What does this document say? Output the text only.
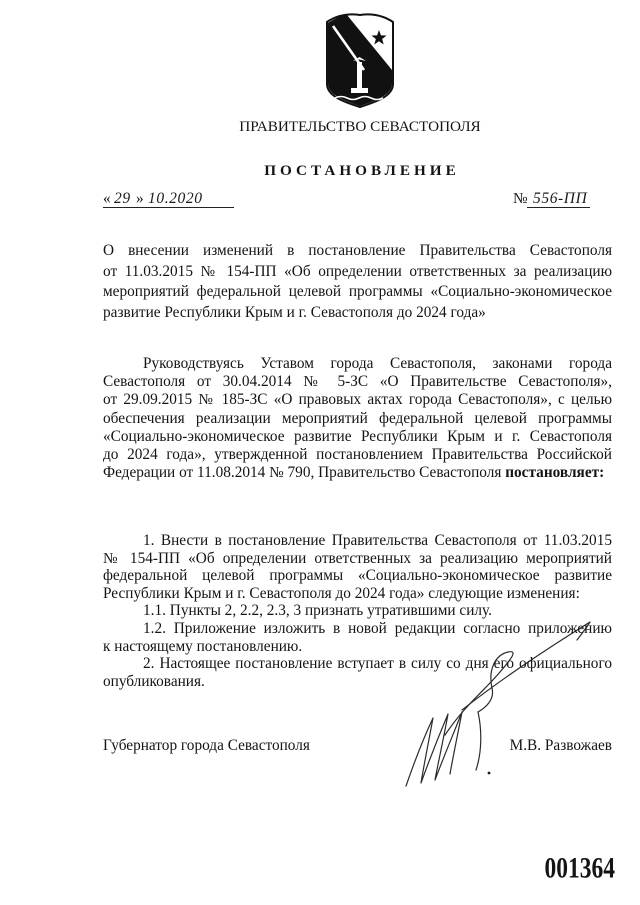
ПРАВИТЕЛЬСТВО СЕВАСТОПОЛЯ
ПОСТАНОВЛЕНИЕ
« 29 » 10.2020	№ 556-ПП
О внесении изменений в постановление Правительства Севастополя
от 11.03.2015 № 154-ПП «Об определении ответственных за реализацию
мероприятий федеральной целевой программы «Социально-экономическое
развитие Республики Крым и г. Севастополя до 2024 года»
Руководствуясь Уставом города Севастополя, законами города
Севастополя от 30.04.2014 № 5-ЗС «О Правительстве Севастополя»,
от 29.09.2015 № 185-ЗС «О правовых актах города Севастополя», с целью
обеспечения реализации мероприятий федеральной целевой программы
«Социально-экономическое развитие Республики Крым и г. Севастополя
до 2024 года», утвержденной постановлением Правительства Российской
Федерации от 11.08.2014 № 790, Правительство Севастополя постановляет:
1. Внести в постановление Правительства Севастополя от 11.03.2015
№ 154-ПП «Об определении ответственных за реализацию мероприятий
федеральной целевой программы «Социально-экономическое развитие
Республики Крым и г. Севастополя до 2024 года» следующие изменения:
1.1. Пункты 2, 2.2, 2.3, 3 признать утратившими силу.
1.2. Приложение изложить в новой редакции согласно приложению
к настоящему постановлению.
2. Настоящее постановление вступает в силу со дня его официального
опубликования.
Губернатор города Севастополя	М.В. Развожаев
001364
